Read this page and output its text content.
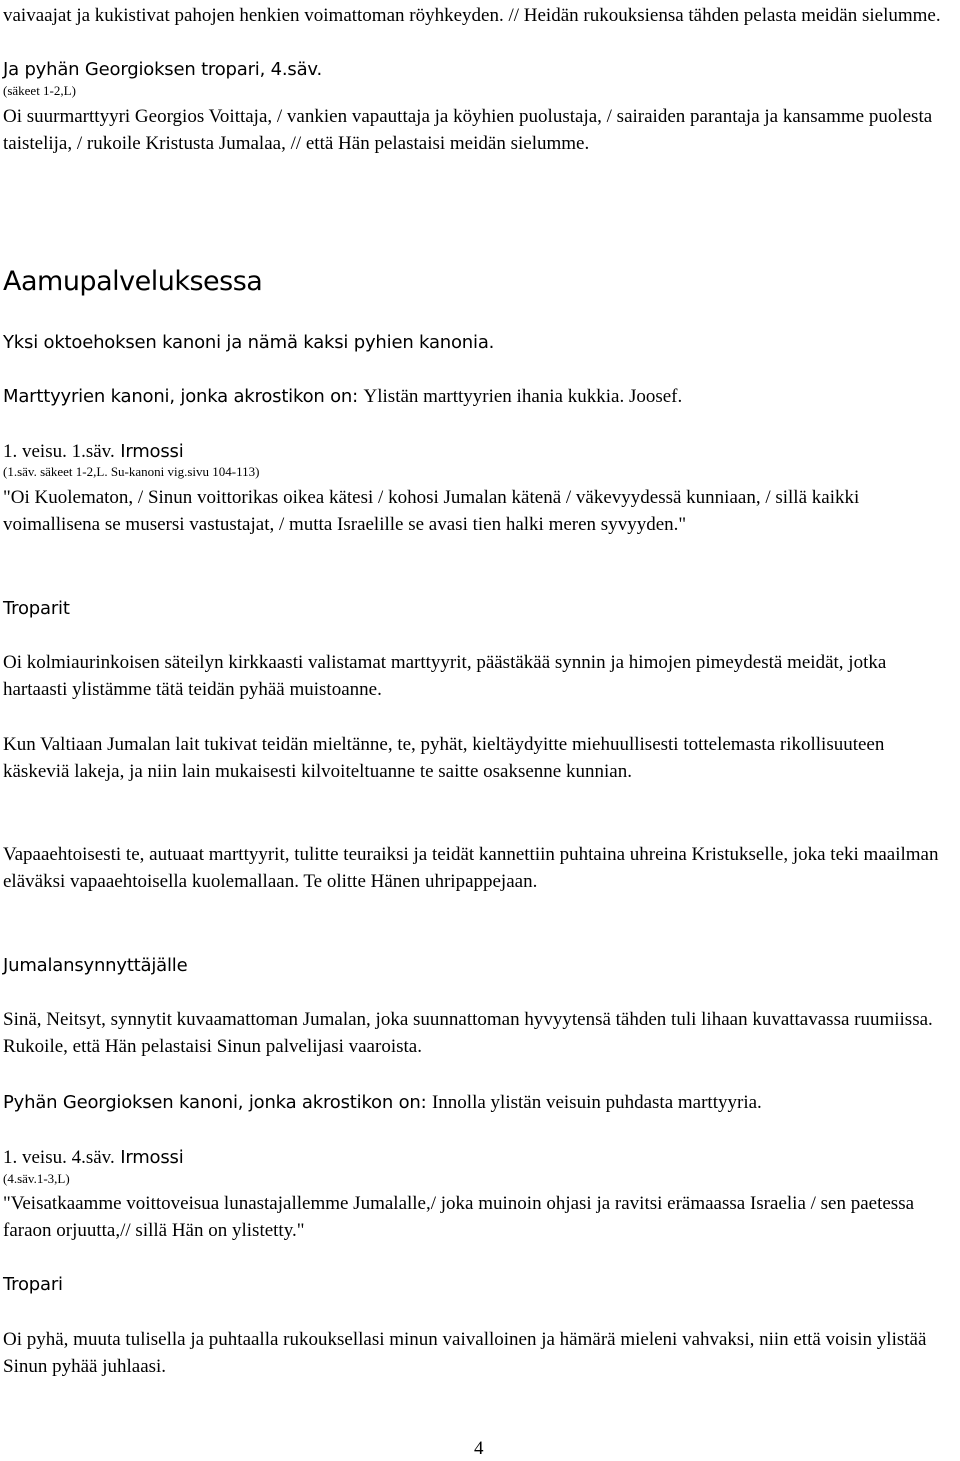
vaivaajat ja kukistivat pahojen henkien voimattoman röyhkeyden. // Heidän rukouksiensa tähden pelasta meidän sielumme.

Ja pyhän Georgioksen tropari, 4.säv.
(säkeet 1-2,L)

Oi suurmarttyyri Georgios Voittaja, / vankien vapauttaja ja köyhien puolustaja, / sairaiden parantaja ja kansamme puolesta taistelija, / rukoile Kristusta Jumalaa, // että Hän pelastaisi meidän sielumme.

Aamupalveluksessa
Yksi oktoehoksen kanoni ja nämä kaksi pyhien kanonia.
Marttyyrien kanoni, jonka akrostikon on: Ylistän marttyyrien ihania kukkia. Joosef.
1. veisu. 1.säv. Irmossi
(1.säv. säkeet 1-2,L. Su-kanoni vig.sivu 104-113)

"Oi Kuolematon, / Sinun voittorikas oikea kätesi / kohosi Jumalan kätenä / väkevyydessä kunniaan, / sillä kaikki voimallisena se musersi vastustajat, / mutta Israelille se avasi tien halki meren syvyyden."

Troparit

Oi kolmiaurinkoisen säteilyn kirkkaasti valistamat marttyyrit, päästäkää synnin ja himojen pimeydestä meidät, jotka hartaasti ylistämme tätä teidän pyhää muistoanne.

Kun Valtiaan Jumalan lait tukivat teidän mieltänne, te, pyhät, kieltäydyitte miehuullisesti tottelemasta rikollisuuteen käskeviä lakeja, ja niin lain mukaisesti kilvoiteltuanne te saitte osaksenne kunnian.

Vapaaehtoisesti te, autuaat marttyyrit, tulitte teuraiksi ja teidät kannettiin puhtaina uhreina Kristukselle, joka teki maailman eläväksi vapaaehtoisella kuolemallaan. Te olitte Hänen uhripappejaan.

Jumalansynnyttäjälle

Sinä, Neitsyt, synnytit kuvaamattoman Jumalan, joka suunnattoman hyvyytensä tähden tuli lihaan kuvattavassa ruumiissa. Rukoile, että Hän pelastaisi Sinun palvelijasi vaaroista.

Pyhän Georgioksen kanoni, jonka akrostikon on: Innolla ylistän veisuin puhdasta marttyyria.
1. veisu. 4.säv. Irmossi
(4.säv.1-3,L)

"Veisatkaamme voittoveisua lunastajallemme Jumalalle,/ joka muinoin ohjasi ja ravitsi erämaassa Israelia / sen paetessa faraon orjuutta,// sillä Hän on ylistetty."

Tropari

Oi pyhä, muuta tulisella ja puhtaalla rukouksellasi minun vaivalloinen ja hämärä mieleni vahvaksi, niin että voisin ylistää Sinun pyhää juhlaasi.

4
